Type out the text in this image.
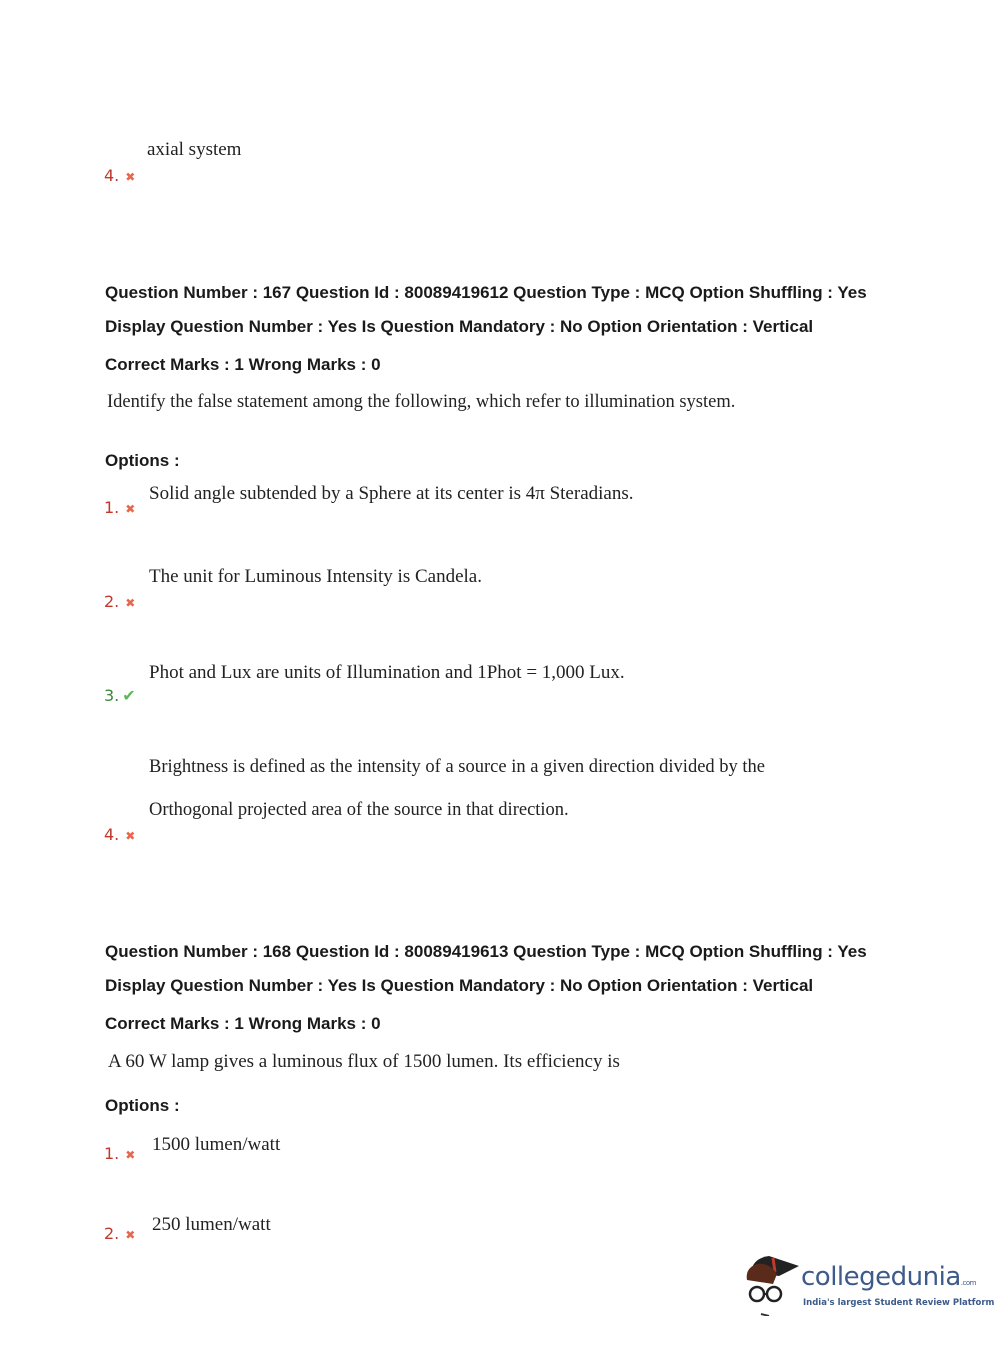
axial system
4. ✖
Question Number : 167 Question Id : 80089419612 Question Type : MCQ Option Shuffling : Yes
Display Question Number : Yes Is Question Mandatory : No Option Orientation : Vertical
Correct Marks : 1 Wrong Marks : 0
Identify the false statement among the following, which refer to illumination system.
Options :
Solid angle subtended by a Sphere at its center is 4π Steradians.
1. ✖
The unit for Luminous Intensity is Candela.
2. ✖
Phot and Lux are units of Illumination and 1Phot = 1,000 Lux.
3. ✔
Brightness is defined as the intensity of a source in a given direction divided by the
Orthogonal projected area of the source in that direction.
4. ✖
Question Number : 168 Question Id : 80089419613 Question Type : MCQ Option Shuffling : Yes
Display Question Number : Yes Is Question Mandatory : No Option Orientation : Vertical
Correct Marks : 1 Wrong Marks : 0
A 60 W lamp gives a luminous flux of 1500 lumen. Its efficiency is
Options :
1. ✖ 1500 lumen/watt
2. ✖ 250 lumen/watt
collegedunia.com
India's largest Student Review Platform
